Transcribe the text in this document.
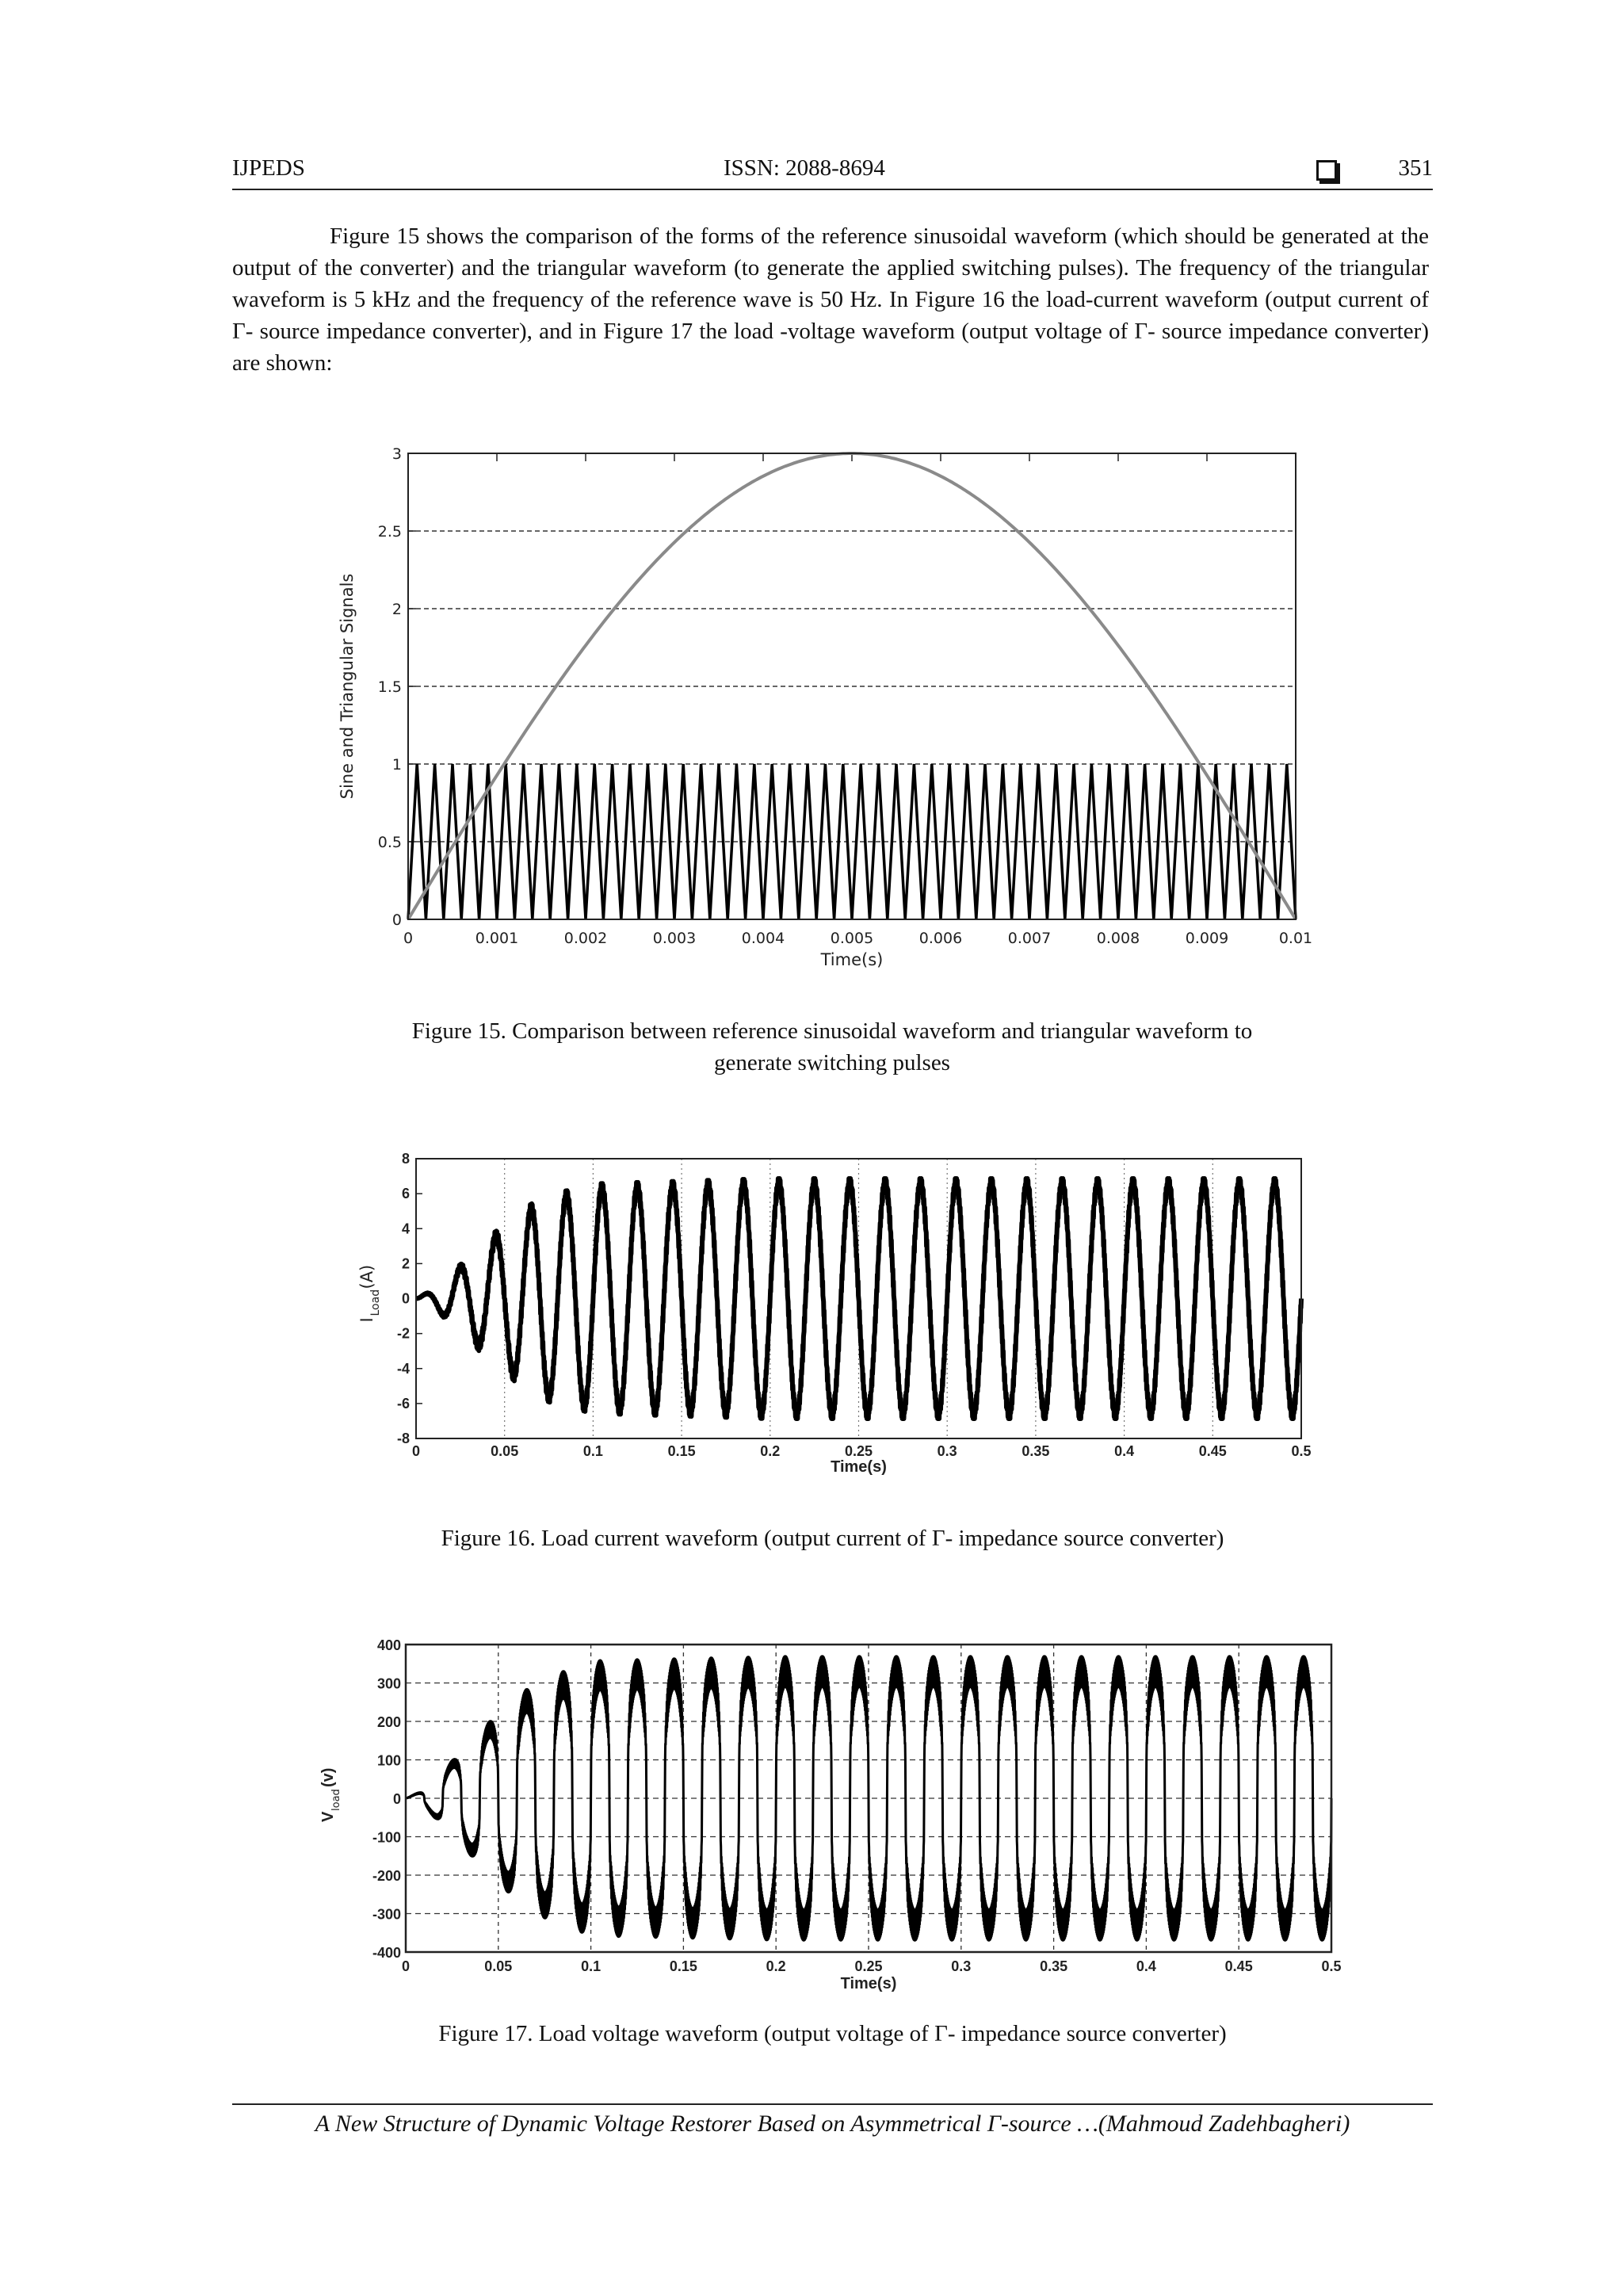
IJPEDS	ISSN: 2088-8694	351

Figure 15 shows the comparison of the forms of the reference sinusoidal waveform (which should be generated at the output of the converter) and the triangular waveform (to generate the applied switching pulses). The frequency of the triangular waveform is 5 kHz and the frequency of the reference wave is 50 Hz. In Figure 16 the load-current waveform (output current of Γ- source impedance converter), and in Figure 17 the load -voltage waveform (output voltage of Γ- source impedance converter) are shown:

0
0.5
1
1.5
2
2.5
3
0	0.001	0.002	0.003	0.004	0.005	0.006	0.007	0.008	0.009	0.01
Time(s)
Sine and Triangular Signals
Figure 15. Comparison between reference sinusoidal waveform and triangular waveform to generate switching pulses
0	0.05	0.1	0.15	0.2	0.25	0.3	0.35	0.4	0.45	0.5
-8
-6
-4
-2
0
2
4
6
8
Time(s)
I
Load
(A)
Figure 16. Load current waveform (output current of Γ- impedance source converter)
-400
-300
-200
-100
0
100
200
300
400
0	0.05	0.1	0.15	0.2	0.25	0.3	0.35	0.4	0.45	0.5
Time(s)
V
load
(v)
Figure 17. Load voltage waveform (output voltage of Γ- impedance source converter)
A New Structure of Dynamic Voltage Restorer Based on Asymmetrical Γ-source …(Mahmoud Zadehbagheri)
